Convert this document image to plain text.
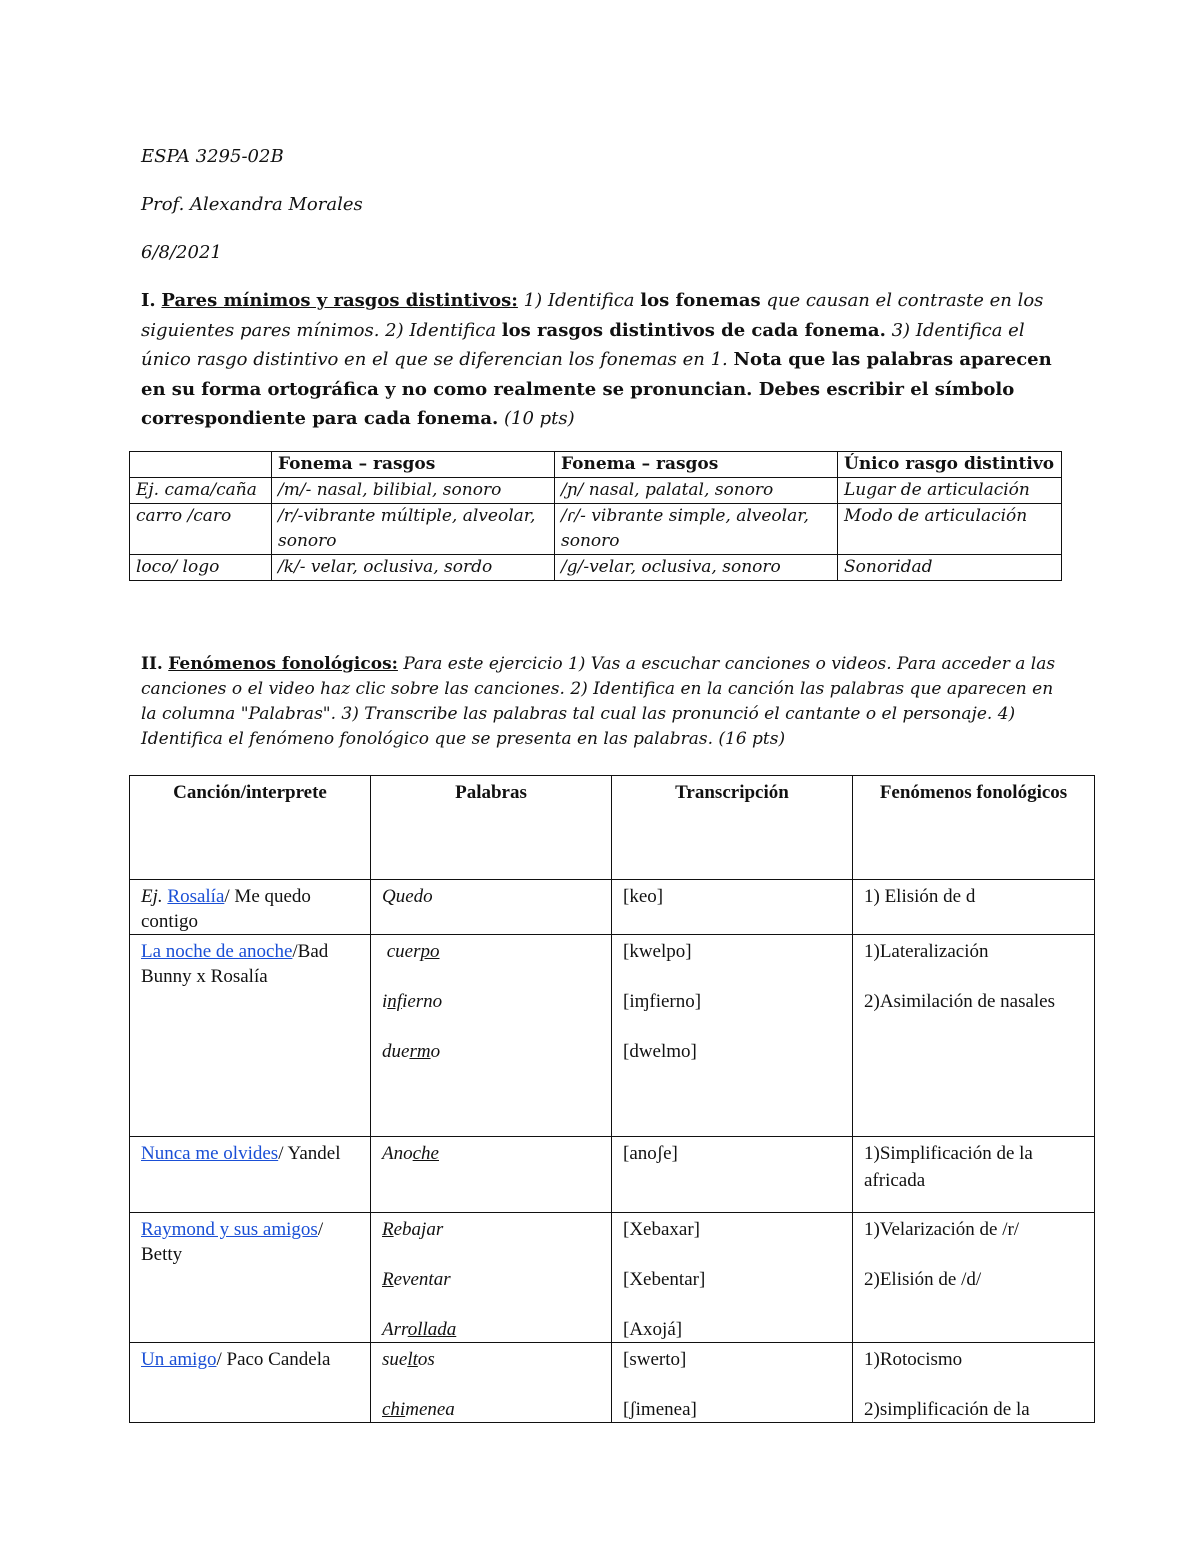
ESPA 3295-02B

Prof. Alexandra Morales

6/8/2021

I. Pares mínimos y rasgos distintivos: 1) Identifica los fonemas que causan el contraste en los siguientes pares mínimos. 2) Identifica los rasgos distintivos de cada fonema. 3) Identifica el único rasgo distintivo en el que se diferencian los fonemas en 1. Nota que las palabras aparecen en su forma ortográfica y no como realmente se pronuncian. Debes escribir el símbolo correspondiente para cada fonema. (10 pts)

	Fonema – rasgos	Fonema – rasgos	Único rasgo distintivo
Ej. cama/caña	/m/- nasal, bilibial, sonoro	/ɲ/ nasal, palatal, sonoro	Lugar de articulación
carro /caro	/r/-vibrante múltiple, alveolar, sonoro	/ɾ/- vibrante simple, alveolar, sonoro	Modo de articulación
loco/ logo	/k/- velar, oclusiva, sordo	/g/-velar, oclusiva, sonoro	Sonoridad

II. Fenómenos fonológicos: Para este ejercicio 1) Vas a escuchar canciones o videos. Para acceder a las canciones o el video haz clic sobre las canciones. 2) Identifica en la canción las palabras que aparecen en la columna "Palabras". 3) Transcribe las palabras tal cual las pronunció el cantante o el personaje. 4) Identifica el fenómeno fonológico que se presenta en las palabras. (16 pts)

Canción/interprete	Palabras	Transcripción	Fenómenos fonológicos
Ej. Rosalía/ Me quedo contigo	Quedo	[keo]	1) Elisión de d
La noche de anoche/Bad Bunny x Rosalía	cuerpo
infierno
duermo	[kwelpo]
[iɱfierno]
[dwelmo]	1)Lateralización
2)Asimilación de nasales

Nunca me olvides/ Yandel	Anoche	[anoʃe]	1)Simplificación de la
africada

Raymond y sus amigos/ Betty	Rebajar
Reventar
Arrollada	[Xebaxar]
[Xebentar]
[Axojá]	1)Velarización de /r/
2)Elisión de /d/

Un amigo/ Paco Candela	sueltos
chimenea	[swerto]
[ʃimenea]	1)Rotocismo
2)simplificación de la
